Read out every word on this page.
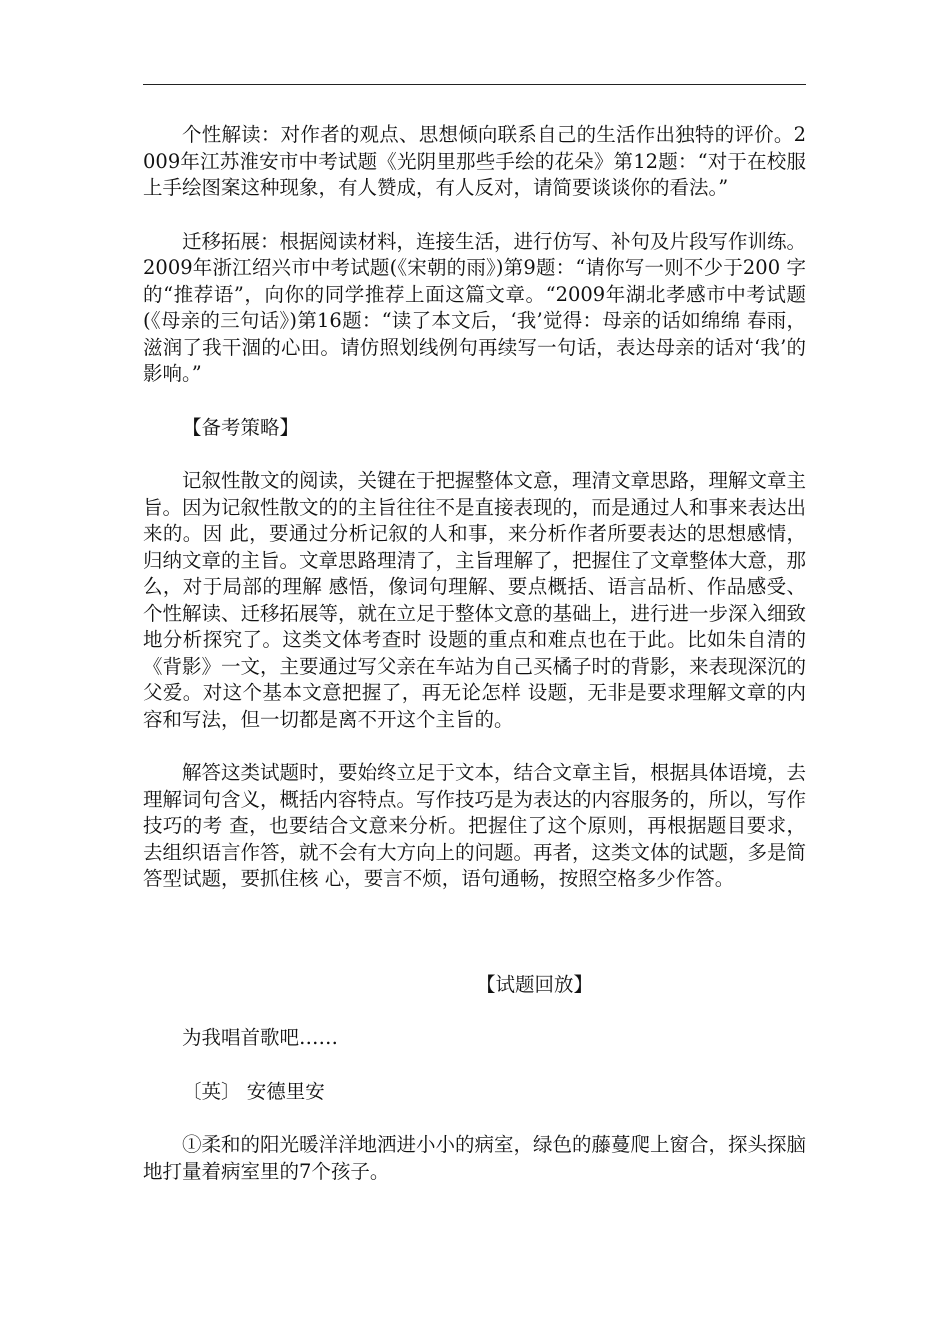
个性解读：对作者的观点、思想倾向联系自己的生活作出独特的评价。2009年江苏淮安市中考试题《光阴里那些手绘的花朵》第12题：“对于在校服上手绘图案这种现象，有人赞成，有人反对，请简要谈谈你的看法。”

迁移拓展：根据阅读材料，连接生活，进行仿写、补句及片段写作训练。2009年浙江绍兴市中考试题(《宋朝的雨》)第9题：“请你写一则不少于200 字的“推荐语”，向你的同学推荐上面这篇文章。“2009年湖北孝感市中考试题(《母亲的三句话》)第16题：“读了本文后，‘我’觉得：母亲的话如绵绵 春雨，滋润了我干涸的心田。请仿照划线例句再续写一句话，表达母亲的话对‘我’的影响。”

【备考策略】

记叙性散文的阅读，关键在于把握整体文意，理清文章思路，理解文章主旨。因为记叙性散文的的主旨往往不是直接表现的，而是通过人和事来表达出来的。因 此，要通过分析记叙的人和事，来分析作者所要表达的思想感情，归纳文章的主旨。文章思路理清了，主旨理解了，把握住了文章整体大意，那么，对于局部的理解 感悟，像词句理解、要点概括、语言品析、作品感受、个性解读、迁移拓展等，就在立足于整体文意的基础上，进行进一步深入细致地分析探究了。这类文体考查时 设题的重点和难点也在于此。比如朱自清的《背影》一文，主要通过写父亲在车站为自己买橘子时的背影，来表现深沉的父爱。对这个基本文意把握了，再无论怎样 设题，无非是要求理解文章的内容和写法，但一切都是离不开这个主旨的。

解答这类试题时，要始终立足于文本，结合文章主旨，根据具体语境，去理解词句含义，概括内容特点。写作技巧是为表达的内容服务的，所以，写作技巧的考 查，也要结合文意来分析。把握住了这个原则，再根据题目要求，去组织语言作答，就不会有大方向上的问题。再者，这类文体的试题，多是简答型试题，要抓住核 心，要言不烦，语句通畅，按照空格多少作答。

【试题回放】

为我唱首歌吧……

〔英〕 安德里安

①柔和的阳光暖洋洋地洒进小小的病室，绿色的藤蔓爬上窗合，探头探脑地打量着病室里的7个孩子。
